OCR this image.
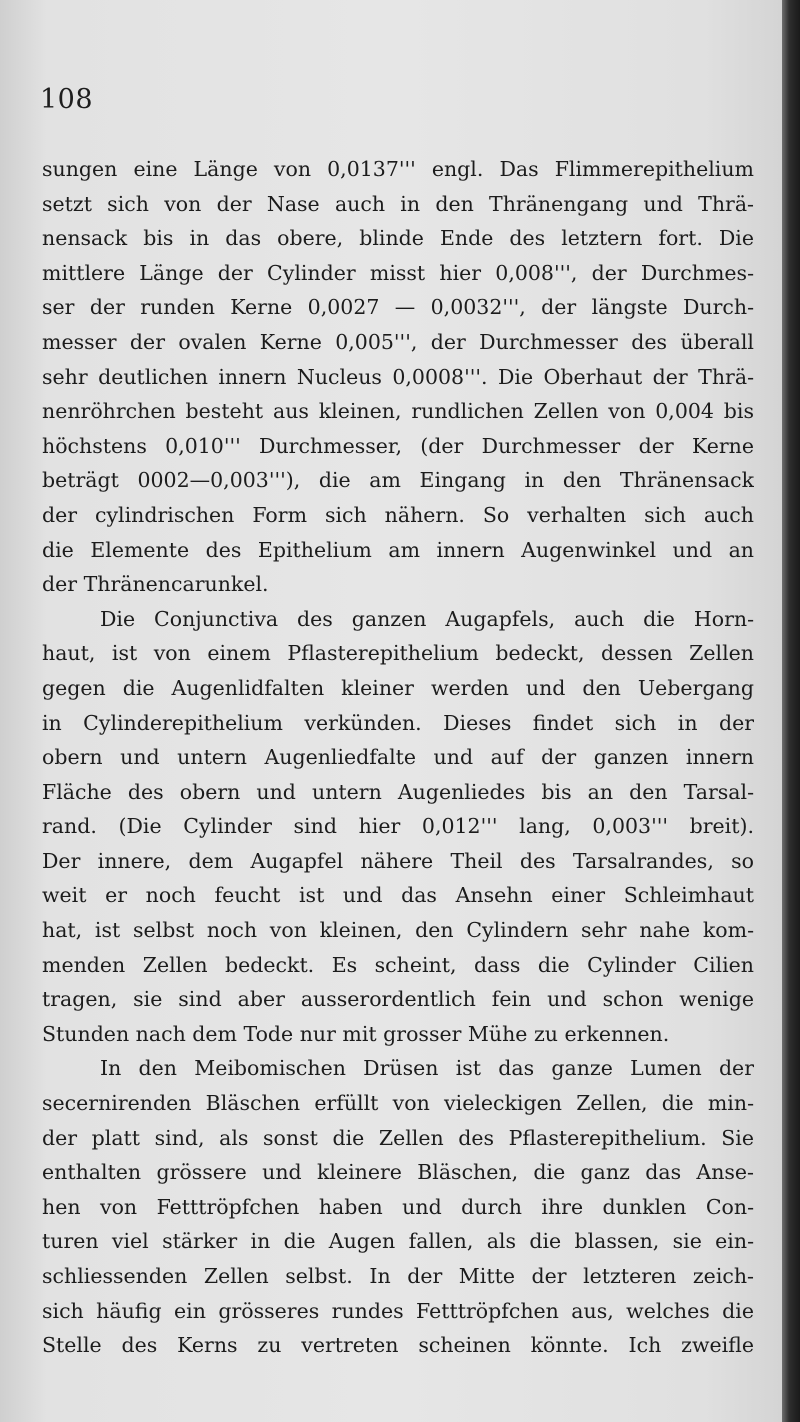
108
sungen eine Länge von 0,0137''' engl. Das Flimmerepithelium
setzt sich von der Nase auch in den Thränengang und Thrä-
nensack bis in das obere, blinde Ende des letztern fort. Die
mittlere Länge der Cylinder misst hier 0,008''', der Durchmes-
ser der runden Kerne 0,0027 — 0,0032''', der längste Durch-
messer der ovalen Kerne 0,005''', der Durchmesser des überall
sehr deutlichen innern Nucleus 0,0008'''. Die Oberhaut der Thrä-
nenröhrchen besteht aus kleinen, rundlichen Zellen von 0,004 bis
höchstens 0,010''' Durchmesser, (der Durchmesser der Kerne
beträgt 0002—0,003'''), die am Eingang in den Thränensack
der cylindrischen Form sich nähern. So verhalten sich auch
die Elemente des Epithelium am innern Augenwinkel und an
der Thränencarunkel.
Die Conjunctiva des ganzen Augapfels, auch die Horn-
haut, ist von einem Pflasterepithelium bedeckt, dessen Zellen
gegen die Augenlidfalten kleiner werden und den Uebergang
in Cylinderepithelium verkünden. Dieses findet sich in der
obern und untern Augenliedfalte und auf der ganzen innern
Fläche des obern und untern Augenliedes bis an den Tarsal-
rand. (Die Cylinder sind hier 0,012''' lang, 0,003''' breit).
Der innere, dem Augapfel nähere Theil des Tarsalrandes, so
weit er noch feucht ist und das Ansehn einer Schleimhaut
hat, ist selbst noch von kleinen, den Cylindern sehr nahe kom-
menden Zellen bedeckt. Es scheint, dass die Cylinder Cilien
tragen, sie sind aber ausserordentlich fein und schon wenige
Stunden nach dem Tode nur mit grosser Mühe zu erkennen.
In den Meibomischen Drüsen ist das ganze Lumen der
secernirenden Bläschen erfüllt von vieleckigen Zellen, die min-
der platt sind, als sonst die Zellen des Pflasterepithelium. Sie
enthalten grössere und kleinere Bläschen, die ganz das Anse-
hen von Fetttröpfchen haben und durch ihre dunklen Con-
turen viel stärker in die Augen fallen, als die blassen, sie ein-
schliessenden Zellen selbst. In der Mitte der letzteren zeich-
sich häufig ein grösseres rundes Fetttröpfchen aus, welches die
Stelle des Kerns zu vertreten scheinen könnte. Ich zweifle
